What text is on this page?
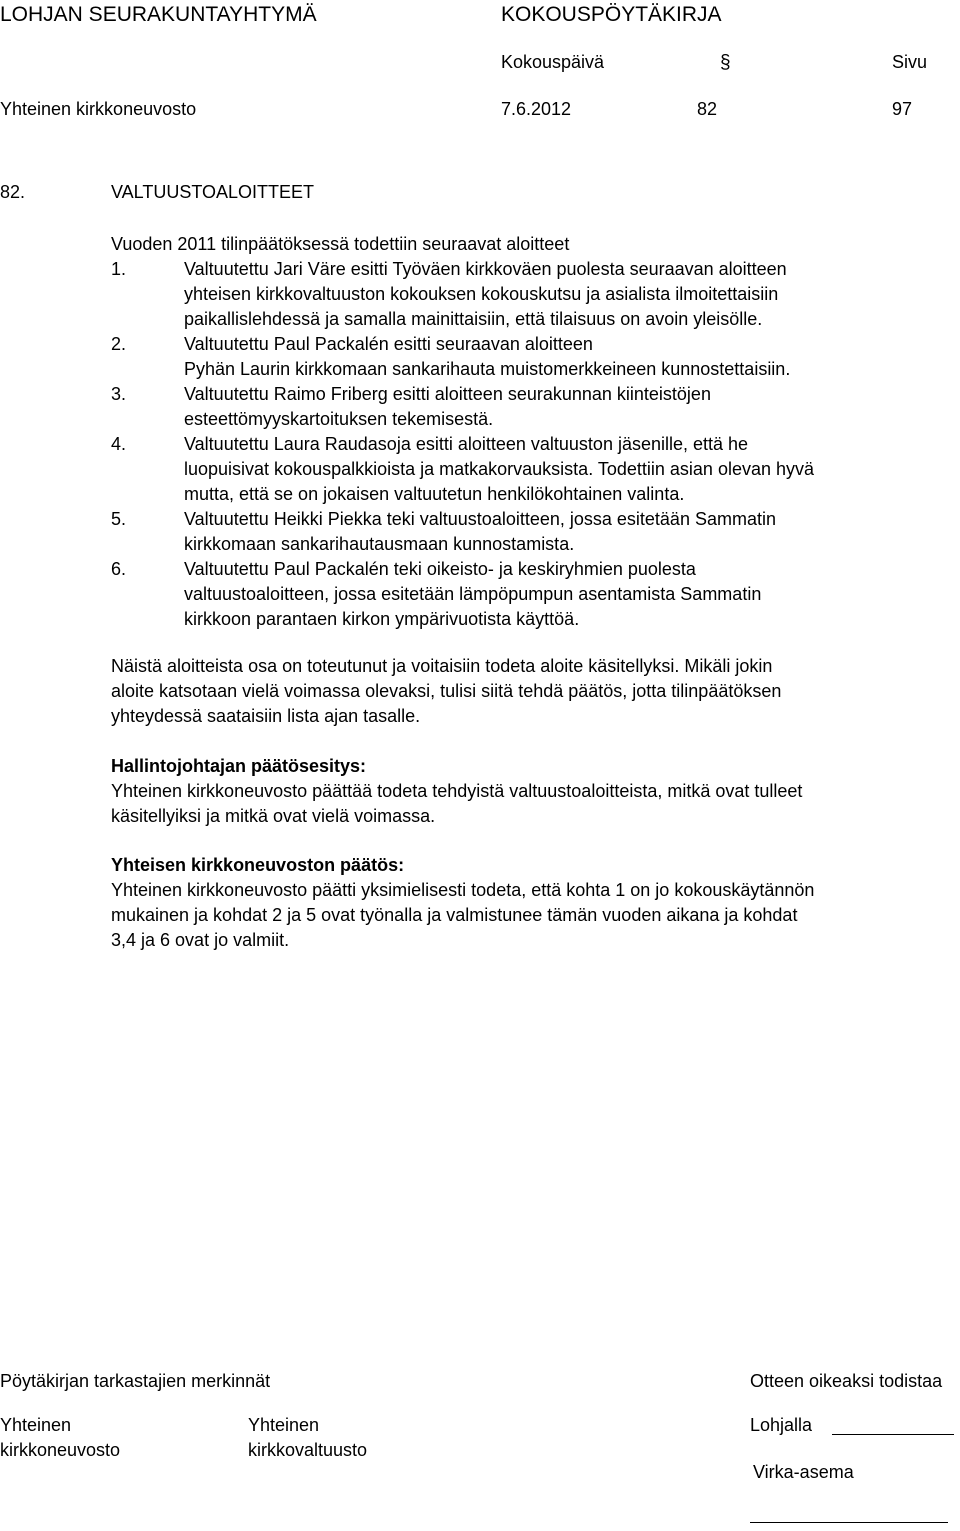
LOHJAN SEURAKUNTAYHTYMÄ	KOKOUSPÖYTÄKIRJA
Kokouspäivä	§	Sivu
Yhteinen kirkkoneuvosto	7.6.2012	82	97
82.	VALTUUSTOALOITTEET
Vuoden 2011 tilinpäätöksessä todettiin seuraavat aloitteet
1.	Valtuutettu Jari Väre esitti Työväen kirkkoväen puolesta seuraavan aloitteen
yhteisen kirkkovaltuuston kokouksen kokouskutsu ja asialista ilmoitettaisiin
paikallislehdessä ja samalla mainittaisiin, että tilaisuus on avoin yleisölle.
2.	Valtuutettu Paul Packalén esitti seuraavan aloitteen
Pyhän Laurin kirkkomaan sankarihauta muistomerkkeineen kunnostettaisiin.
3.	Valtuutettu Raimo Friberg esitti aloitteen seurakunnan kiinteistöjen
esteettömyyskartoituksen tekemisestä.
4.	Valtuutettu Laura Raudasoja esitti aloitteen valtuuston jäsenille, että he
luopuisivat kokouspalkkioista ja matkakorvauksista. Todettiin asian olevan hyvä
mutta, että se on jokaisen valtuutetun henkilökohtainen valinta.
5.	Valtuutettu Heikki Piekka teki valtuustoaloitteen, jossa esitetään Sammatin
kirkkomaan sankarihautausmaan kunnostamista.
6.	Valtuutettu Paul Packalén teki oikeisto- ja keskiryhmien puolesta
valtuustoaloitteen, jossa esitetään lämpöpumpun asentamista Sammatin
kirkkoon parantaen kirkon ympärivuotista käyttöä.
Näistä aloitteista osa on toteutunut ja voitaisiin todeta aloite käsitellyksi. Mikäli jokin
aloite katsotaan vielä voimassa olevaksi, tulisi siitä tehdä päätös, jotta tilinpäätöksen
yhteydessä saataisiin lista ajan tasalle.
Hallintojohtajan päätösesitys:
Yhteinen kirkkoneuvosto päättää todeta tehdyistä valtuustoaloitteista, mitkä ovat tulleet
käsitellyiksi ja mitkä ovat vielä voimassa.
Yhteisen kirkkoneuvoston päätös:
Yhteinen kirkkoneuvosto päätti yksimielisesti todeta, että kohta 1 on jo kokouskäytännön
mukainen ja kohdat 2 ja 5 ovat työnalla ja valmistunee tämän vuoden aikana ja kohdat
3,4 ja 6 ovat jo valmiit.
Pöytäkirjan tarkastajien merkinnät	Otteen oikeaksi todistaa
Yhteinen
kirkkoneuvosto
Yhteinen
kirkkovaltuusto
Lohjalla
Virka-asema
